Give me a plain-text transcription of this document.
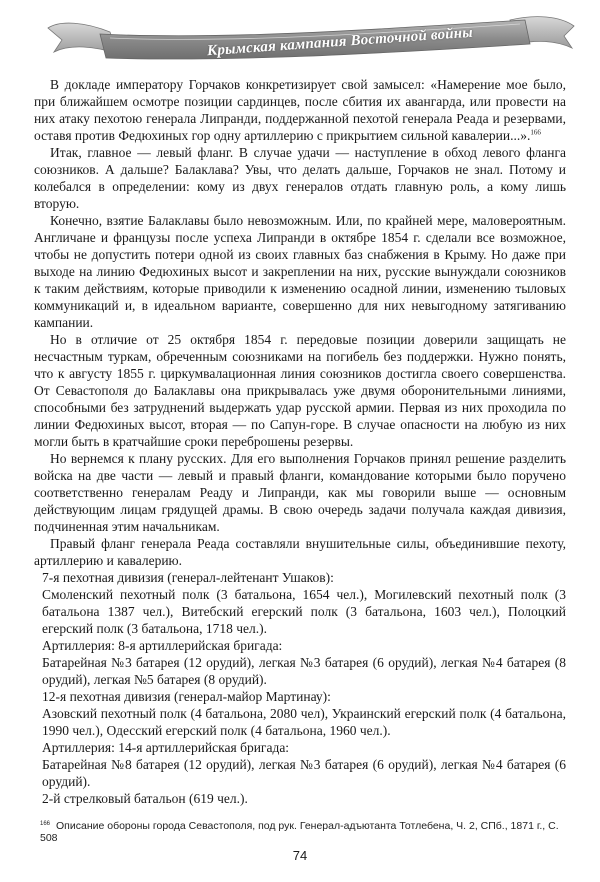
Крымская кампания Восточной войны

В докладе императору Горчаков конкретизирует свой замысел: «Намерение мое было, при ближайшем осмотре позиции сардинцев, после сбития их авангарда, или провести на них атаку пехотою генерала Липранди, поддержанной пехотой генерала Реада и резервами, оставя против Федюхиных гор одну артиллерию с прикрытием сильной кавалерии...».$^{166}$

Итак, главное — левый фланг. В случае удачи — наступление в обход левого фланга союзников. А дальше? Балаклава? Увы, что делать дальше, Горчаков не знал. Потому и колебался в определении: кому из двух генералов отдать главную роль, а кому лишь вторую.

Конечно, взятие Балаклавы было невозможным. Или, по крайней мере, маловероятным. Англичане и французы после успеха Липранди в октябре 1854 г. сделали все возможное, чтобы не допустить потери одной из своих главных баз снабжения в Крыму. Но даже при выходе на линию Федюхиных высот и закреплении на них, русские вынуждали союзников к таким действиям, которые приводили к изменению осадной линии, изменению тыловых коммуникаций и, в идеальном варианте, совершенно для них невыгодному затягиванию кампании.

Но в отличие от 25 октября 1854 г. передовые позиции доверили защищать не несчастным туркам, обреченным союзниками на погибель без поддержки. Нужно понять, что к августу 1855 г. циркумвалационная линия союзников достигла своего совершенства. От Севастополя до Балаклавы она прикрывалась уже двумя оборонительными линиями, способными без затруднений выдержать удар русской армии. Первая из них проходила по линии Федюхиных высот, вторая — по Сапун-горе. В случае опасности на любую из них могли быть в кратчайшие сроки переброшены резервы.

Но вернемся к плану русских. Для его выполнения Горчаков принял решение разделить войска на две части — левый и правый фланги, командование которыми было поручено соответственно генералам Реаду и Липранди, как мы говорили выше — основным действующим лицам грядущей драмы. В свою очередь задачи получала каждая дивизия, подчиненная этим начальникам.

Правый фланг генерала Реада составляли внушительные силы, объединившие пехоту, артиллерию и кавалерию.

7-я пехотная дивизия (генерал-лейтенант Ушаков):

Смоленский пехотный полк (3 батальона, 1654 чел.), Могилевский пехотный полк (3 батальона 1387 чел.), Витебский егерский полк (3 батальона, 1603 чел.), Полоцкий егерский полк (3 батальона, 1718 чел.).

Артиллерия: 8-я артиллерийская бригада:

Батарейная №3 батарея (12 орудий), легкая №3 батарея (6 орудий), легкая №4 батарея (8 орудий), легкая №5 батарея (8 орудий).

12-я пехотная дивизия (генерал-майор Мартинау):

Азовский пехотный полк (4 батальона, 2080 чел), Украинский егерский полк (4 батальона, 1990 чел.), Одесский егерский полк (4 батальона, 1960 чел.).

Артиллерия: 14-я артиллерийская бригада:

Батарейная №8 батарея (12 орудий), легкая №3 батарея (6 орудий), легкая №4 батарея (6 орудий).

2-й стрелковый батальон (619 чел.).

$^{166}$ Описание обороны города Севастополя, под рук. Генерал-адъютанта Тотлебена, Ч. 2, СПб., 1871 г., С. 508
74
